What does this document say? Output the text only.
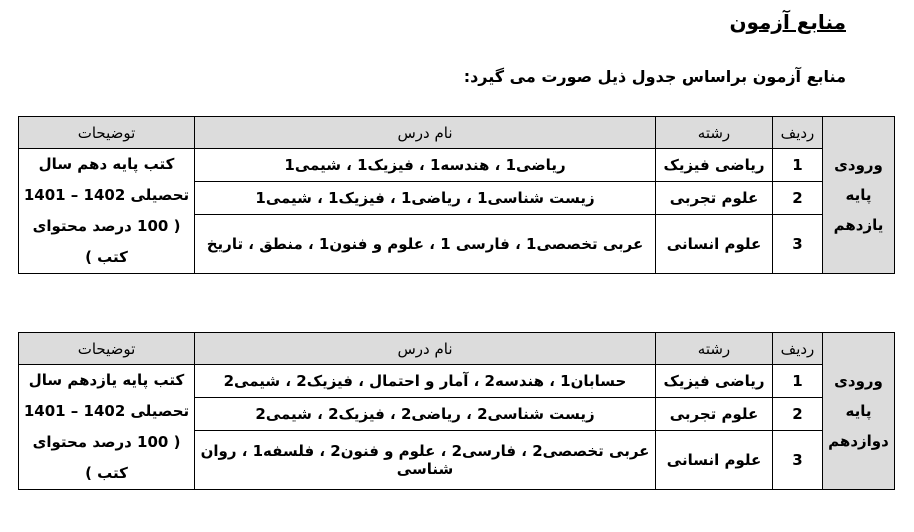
منابع آزمون
منابع آزمون براساس جدول ذیل صورت می گیرد:
ورودی
پایه
یازدهم	ردیف	رشته	نام درس	توضیحات
	1	ریاضی فیزیک	ریاضی1 ، هندسه1 ، فیزیک1 ، شیمی1	کتب پایه دهم سال
تحصیلی 1402 – 1401
( 100 درصد محتوای
کتب )

	2	علوم تجربی	زیست شناسی1 ، ریاضی1 ، فیزیک1 ، شیمی1	
	3	علوم انسانی	عربی تخصصی1 ، فارسی 1 ، علوم و فنون1 ، منطق ، تاریخ	
ورودی
پایه
دوازدهم	ردیف	رشته	نام درس	توضیحات
	1	ریاضی فیزیک	حسابان1 ، هندسه2 ، آمار و احتمال ، فیزیک2 ، شیمی2	کتب پایه یازدهم سال
تحصیلی 1402 – 1401
( 100 درصد محتوای
کتب )

	2	علوم تجربی	زیست شناسی2 ، ریاضی2 ، فیزیک2 ، شیمی2	
	3	علوم انسانی	عربی تخصصی2 ، فارسی2 ، علوم و فنون2 ، فلسفه1 ، روان شناسی	
